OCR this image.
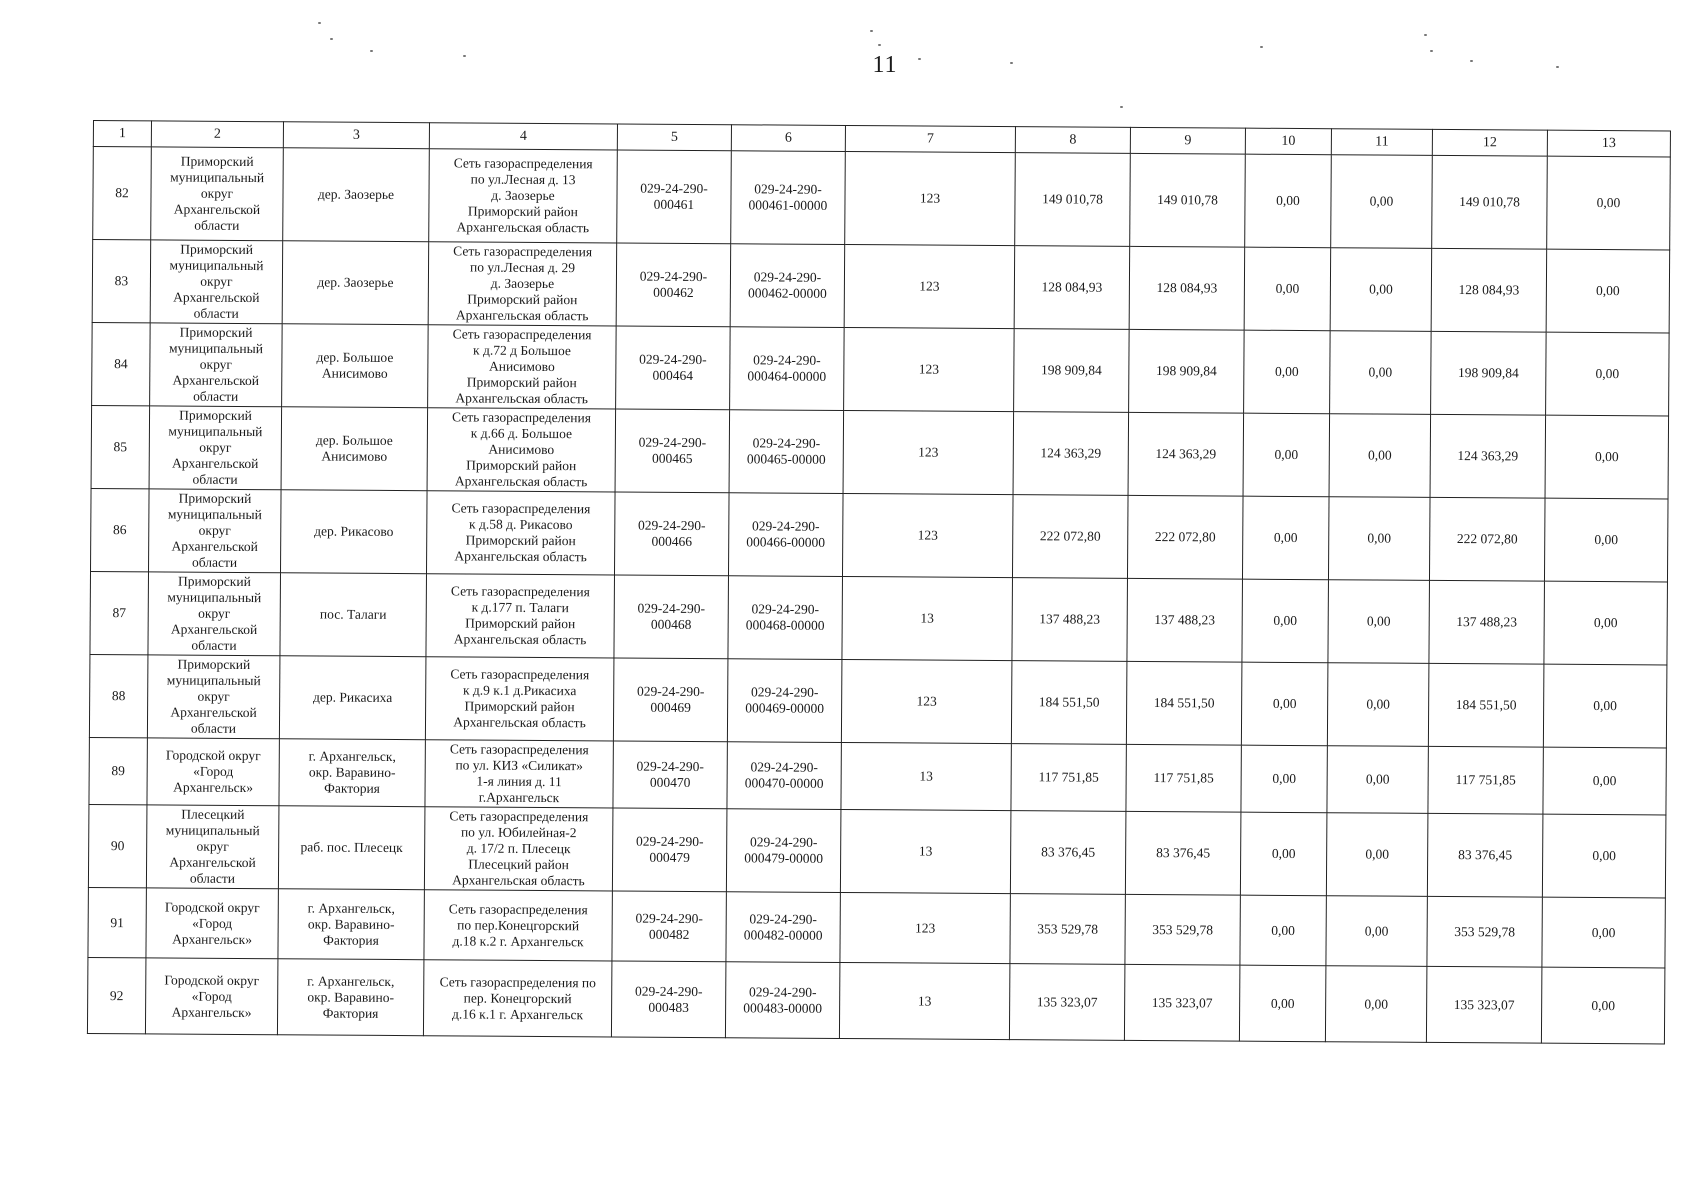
11
1	2	3	4	5	6	7	8	9	10	11	12	13
82	Приморский
муниципальный
округ
Архангельской
области	дер. Заозерье	Сеть газораспределения
по ул.Лесная д. 13
д. Заозерье
Приморский район
Архангельская область	029-24-290-
000461	029-24-290-
000461-00000	123	149 010,78	149 010,78	0,00	0,00	149 010,78	0,00
83	Приморский
муниципальный
округ
Архангельской
области	дер. Заозерье	Сеть газораспределения
по ул.Лесная д. 29
д. Заозерье
Приморский район
Архангельская область	029-24-290-
000462	029-24-290-
000462-00000	123	128 084,93	128 084,93	0,00	0,00	128 084,93	0,00
84	Приморский
муниципальный
округ
Архангельской
области	дер. Большое
Анисимово	Сеть газораспределения
к д.72 д Большое
Анисимово
Приморский район
Архангельская область	029-24-290-
000464	029-24-290-
000464-00000	123	198 909,84	198 909,84	0,00	0,00	198 909,84	0,00
85	Приморский
муниципальный
округ
Архангельской
области	дер. Большое
Анисимово	Сеть газораспределения
к д.66 д. Большое
Анисимово
Приморский район
Архангельская область	029-24-290-
000465	029-24-290-
000465-00000	123	124 363,29	124 363,29	0,00	0,00	124 363,29	0,00
86	Приморский
муниципальный
округ
Архангельской
области	дер. Рикасово	Сеть газораспределения
к д.58 д. Рикасово
Приморский район
Архангельская область	029-24-290-
000466	029-24-290-
000466-00000	123	222 072,80	222 072,80	0,00	0,00	222 072,80	0,00
87	Приморский
муниципальный
округ
Архангельской
области	пос. Талаги	Сеть газораспределения
к д.177 п. Талаги
Приморский район
Архангельская область	029-24-290-
000468	029-24-290-
000468-00000	13	137 488,23	137 488,23	0,00	0,00	137 488,23	0,00
88	Приморский
муниципальный
округ
Архангельской
области	дер. Рикасиха	Сеть газораспределения
к д.9 к.1 д.Рикасиха
Приморский район
Архангельская область	029-24-290-
000469	029-24-290-
000469-00000	123	184 551,50	184 551,50	0,00	0,00	184 551,50	0,00
89	Городской округ
«Город
Архангельск»	г. Архангельск,
окр. Варавино-
Фактория	Сеть газораспределения
по ул. КИЗ «Силикат»
1-я линия д. 11
г.Архангельск	029-24-290-
000470	029-24-290-
000470-00000	13	117 751,85	117 751,85	0,00	0,00	117 751,85	0,00
90	Плесецкий
муниципальный
округ
Архангельской
области	раб. пос. Плесецк	Сеть газораспределения
по ул. Юбилейная-2
д. 17/2 п. Плесецк
Плесецкий район
Архангельская область	029-24-290-
000479	029-24-290-
000479-00000	13	83 376,45	83 376,45	0,00	0,00	83 376,45	0,00
91	Городской округ
«Город
Архангельск»	г. Архангельск,
окр. Варавино-
Фактория	Сеть газораспределения
по пер.Конецгорский
д.18 к.2 г. Архангельск	029-24-290-
000482	029-24-290-
000482-00000	123	353 529,78	353 529,78	0,00	0,00	353 529,78	0,00
92	Городской округ
«Город
Архангельск»	г. Архангельск,
окр. Варавино-
Фактория	Сеть газораспределения по
пер. Конецгорский
д.16 к.1 г. Архангельск	029-24-290-
000483	029-24-290-
000483-00000	13	135 323,07	135 323,07	0,00	0,00	135 323,07	0,00
